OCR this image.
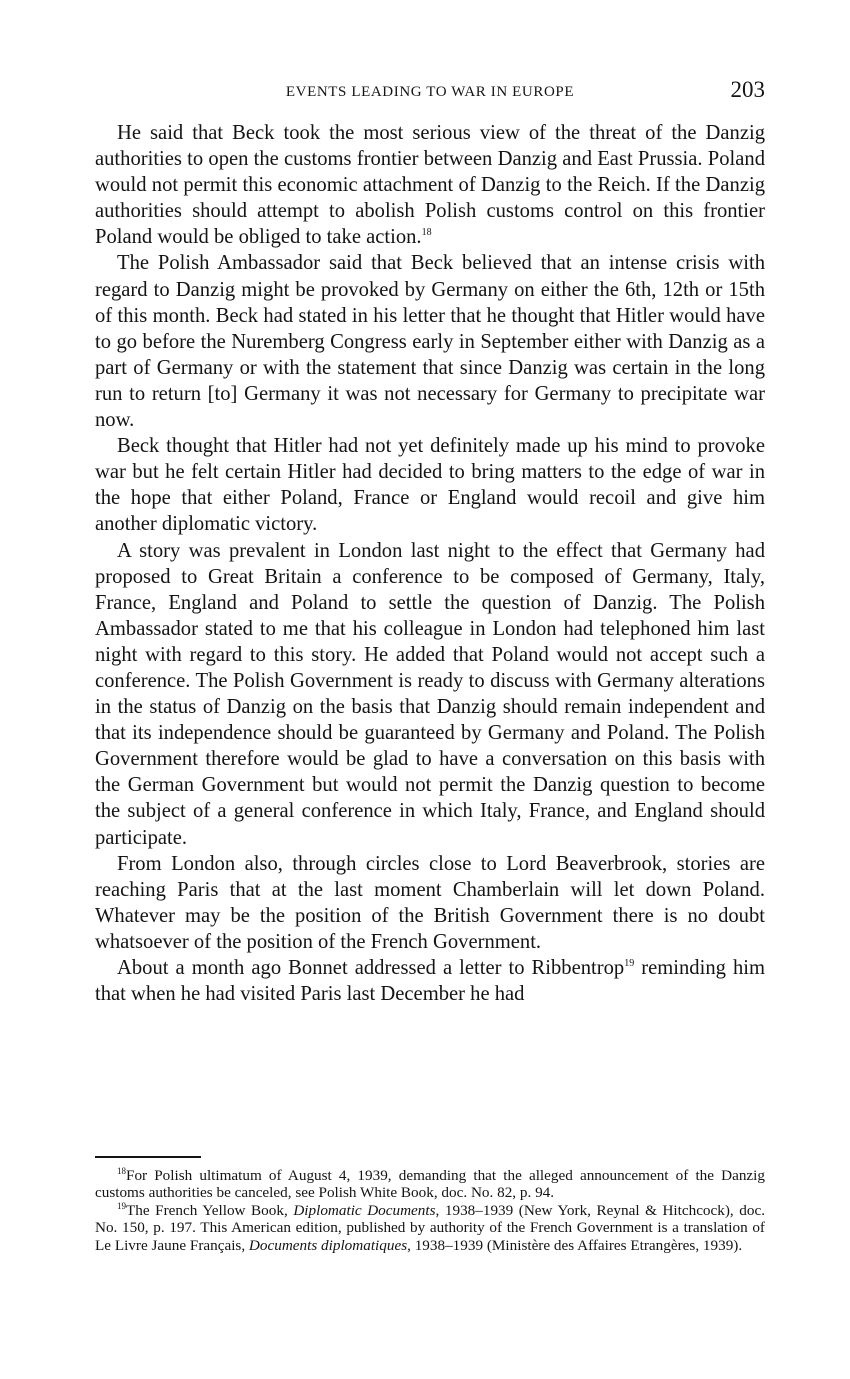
EVENTS LEADING TO WAR IN EUROPE	203

He said that Beck took the most serious view of the threat of the Danzig authorities to open the customs frontier between Danzig and East Prussia. Poland would not permit this economic attachment of Danzig to the Reich. If the Danzig authorities should attempt to abolish Polish customs control on this frontier Poland would be obliged to take action.$^{18}$

The Polish Ambassador said that Beck believed that an intense crisis with regard to Danzig might be provoked by Germany on either the 6th, 12th or 15th of this month. Beck had stated in his letter that he thought that Hitler would have to go before the Nuremberg Congress early in September either with Danzig as a part of Germany or with the statement that since Danzig was certain in the long run to return [to] Germany it was not necessary for Germany to precipitate war now.

Beck thought that Hitler had not yet definitely made up his mind to provoke war but he felt certain Hitler had decided to bring matters to the edge of war in the hope that either Poland, France or England would recoil and give him another diplomatic victory.

A story was prevalent in London last night to the effect that Germany had proposed to Great Britain a conference to be composed of Germany, Italy, France, England and Poland to settle the question of Danzig. The Polish Ambassador stated to me that his colleague in London had telephoned him last night with regard to this story. He added that Poland would not accept such a conference. The Polish Government is ready to discuss with Germany alterations in the status of Danzig on the basis that Danzig should remain independent and that its independence should be guaranteed by Germany and Poland. The Polish Government therefore would be glad to have a conversation on this basis with the German Government but would not permit the Danzig question to become the subject of a general conference in which Italy, France, and England should participate.

From London also, through circles close to Lord Beaverbrook, stories are reaching Paris that at the last moment Chamberlain will let down Poland. Whatever may be the position of the British Government there is no doubt whatsoever of the position of the French Government.

About a month ago Bonnet addressed a letter to Ribbentrop$^{19}$ reminding him that when he had visited Paris last December he had

$^{18}$For Polish ultimatum of August 4, 1939, demanding that the alleged announcement of the Danzig customs authorities be canceled, see Polish White Book, doc. No. 82, p. 94.

$^{19}$The French Yellow Book, Diplomatic Documents, 1938–1939 (New York, Reynal & Hitchcock), doc. No. 150, p. 197. This American edition, published by authority of the French Government is a translation of Le Livre Jaune Français, Documents diplomatiques, 1938–1939 (Ministère des Affaires Etrangères, 1939).
